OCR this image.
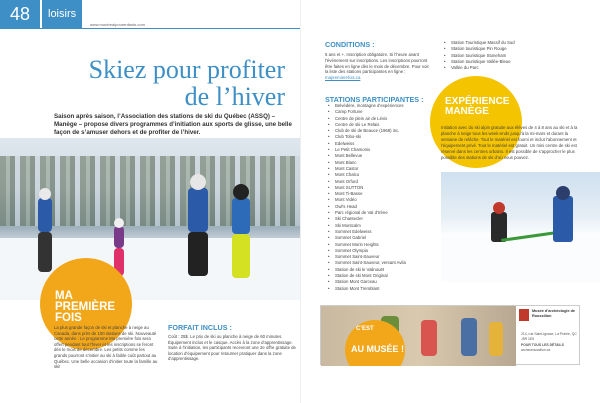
48	loisirs
www.montrealpourenfants.com
Skiez pour profiter
de l’hiver

Saison après saison, l’Association des stations de ski du Québec (ASSQ) – Manège – propose divers programmes d’initiation aux sports de glisse, une belle façon de s’amuser dehors et de profiter de l’hiver.

MA
PREMIÈRE
FOIS

La plus grande façon de ski et planche à neige au Canada, dans près de 100 stations de ski. Nouveauté cette année : Le programme Ma première fois sera offert pendant tout l’hiver et les inscriptions se feront dès le mois de décembre. Les petits comme les grands pourront s’initier au ski à faible coût partout au Québec. Une belle occasion d’initier toute la famille au ski!

FORFAIT INCLUS :

Coût : 25$. Le prix de ski ou planche à neige de 60 minutes. Équipement inclus et le casque. Accès à la zone d’apprentissage. Suite à l’initiation, les participants recevront une 2e offre gratuite de location d’équipement pour retourner pratiquer dans la zone d’apprentissage.

CONDITIONS :

5 ans et +. Inscription obligatoire. Si l’heure avant l’événement sur inscriptions. Les inscriptions pourront être faites en ligne dès le mois de décembre. Pour voir la liste des stations participantes en ligne : mapremierefois.ca

STATIONS PARTICIPANTES :
• Belvédère, montagne d’expériences
• Camp Fortune
• Centre de plein air de Lévis
• Centre de ski Le Relais
• Club de ski de Beauce (1968) inc.
• Club Tobo-ski
• Edelweiss
• Le Petit Chamonix
• Mont Bellevue
• Mont Blanc
• Mont Castor
• Mont Chalco
• Mont Orford
• Mont SUTTON
• Mont Ti-Basse
• Mont Vidéo
• Owl’s Head
• Parc régional de Val d’Irène
• Ski Chantecler
• Ski Montcalm
• Sommet Edelweiss
• Sommet Gabriel
• Sommet Morin Heights
• Sommet Olympia
• Sommet Saint-Sauveur
• Sommet Saint-Sauveur, versant Avila
• Station de ski le Valinouët
• Station de ski Mont Original
• Station Mont Garceau
• Station Mont Tremblant
• Station Touristique Massif du Sud
• Station touristique Pin Rouge
• Station touristique Stoneham
• Station touristique Vallée-Bleue
• Vallée du Parc
EXPÉRIENCE
MANÈGE

Initiation avec du ski alpin gratuite aux élèves de 4 à 8 ans au ski et à la planche à neige tous les week-ends jusqu’à la mi-mars et durant la semaine de relâche. Tout le matériel est fourni et inclut l’abonnement et l’équipement privé. Tout le matériel est gratuit. Un mini centre de ski est réservé dans les centres urbains. Il est possible de s’approcher le plus possible des stations de ski d’où vous pouvez.

C’EST
AU MUSÉE !
Musée d’archéologie de Roussillon
214, rue Saint-Ignace, La Prairie, QC J5R 1E5
POUR TOUS LES DÉTAILS
archeoroussillon.ca
